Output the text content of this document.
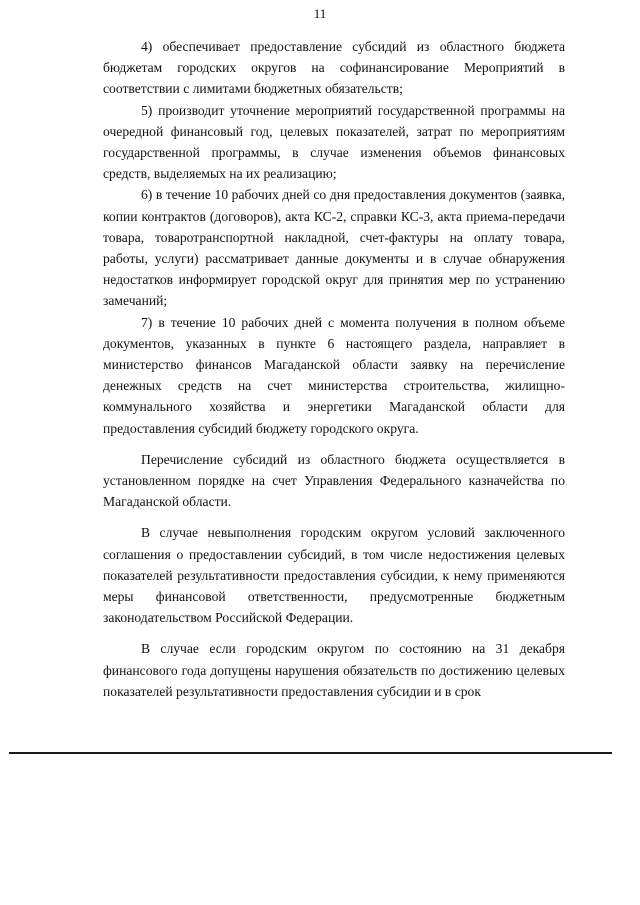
11

4) обеспечивает предоставление субсидий из областного бюджета бюджетам городских округов на софинансирование Мероприятий в соответствии с лимитами бюджетных обязательств;

5) производит уточнение мероприятий государственной программы на очередной финансовый год, целевых показателей, затрат по мероприятиям государственной программы, в случае изменения объемов финансовых средств, выделяемых на их реализацию;

6) в течение 10 рабочих дней со дня предоставления документов (заявка, копии контрактов (договоров), акта КС-2, справки КС-3, акта приема-передачи товара, товаротранспортной накладной, счет-фактуры на оплату товара, работы, услуги) рассматривает данные документы и в случае обнаружения недостатков информирует городской округ для принятия мер по устранению замечаний;

7) в течение 10 рабочих дней с момента получения в полном объеме документов, указанных в пункте 6 настоящего раздела, направляет в министерство финансов Магаданской области заявку на перечисление денежных средств на счет министерства строительства, жилищно-коммунального хозяйства и энергетики Магаданской области для предоставления субсидий бюджету городского округа.

Перечисление субсидий из областного бюджета осуществляется в установленном порядке на счет Управления Федерального казначейства по Магаданской области.

В случае невыполнения городским округом условий заключенного соглашения о предоставлении субсидий, в том числе недостижения целевых показателей результативности предоставления субсидии, к нему применяются меры финансовой ответственности, предусмотренные бюджетным законодательством Российской Федерации.

В случае если городским округом по состоянию на 31 декабря финансового года допущены нарушения обязательств по достижению целевых показателей результативности предоставления субсидии и в срок
